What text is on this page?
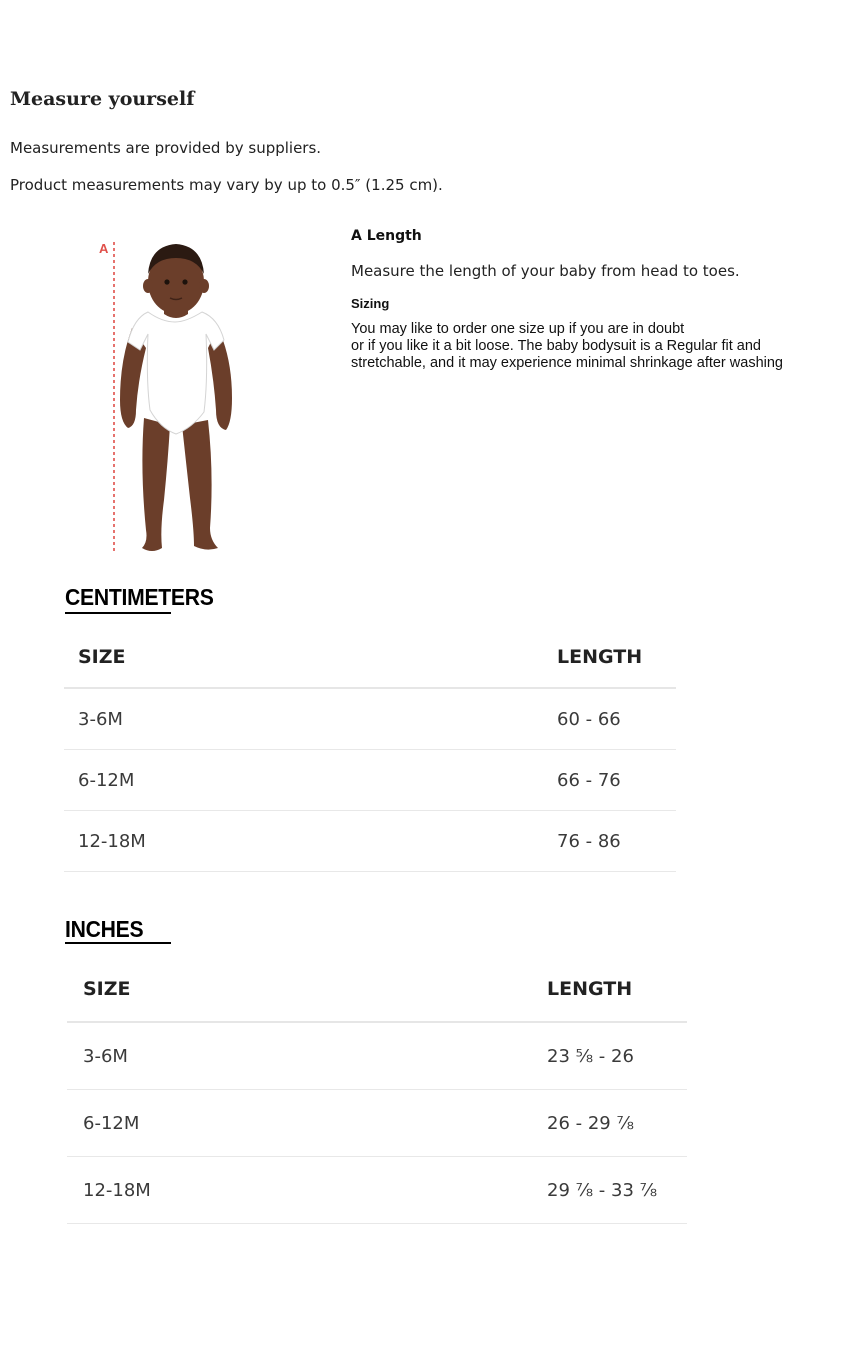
Measure yourself

Measurements are provided by suppliers.

Product measurements may vary by up to 0.5″ (1.25 cm).

A

A Length

Measure the length of your baby from head to toes.

Sizing

You may like to order one size up if you are in doubt
or if you like it a bit loose. The baby bodysuit is a Regular fit and
stretchable, and it may experience minimal shrinkage after washing

CENTIMETERS
SIZE	LENGTH
3-6M	60 - 66
6-12M	66 - 76
12-18M	76 - 86
INCHES
SIZE	LENGTH
3-6M	23 ⅝ - 26
6-12M	26 - 29 ⅞
12-18M	29 ⅞ - 33 ⅞
